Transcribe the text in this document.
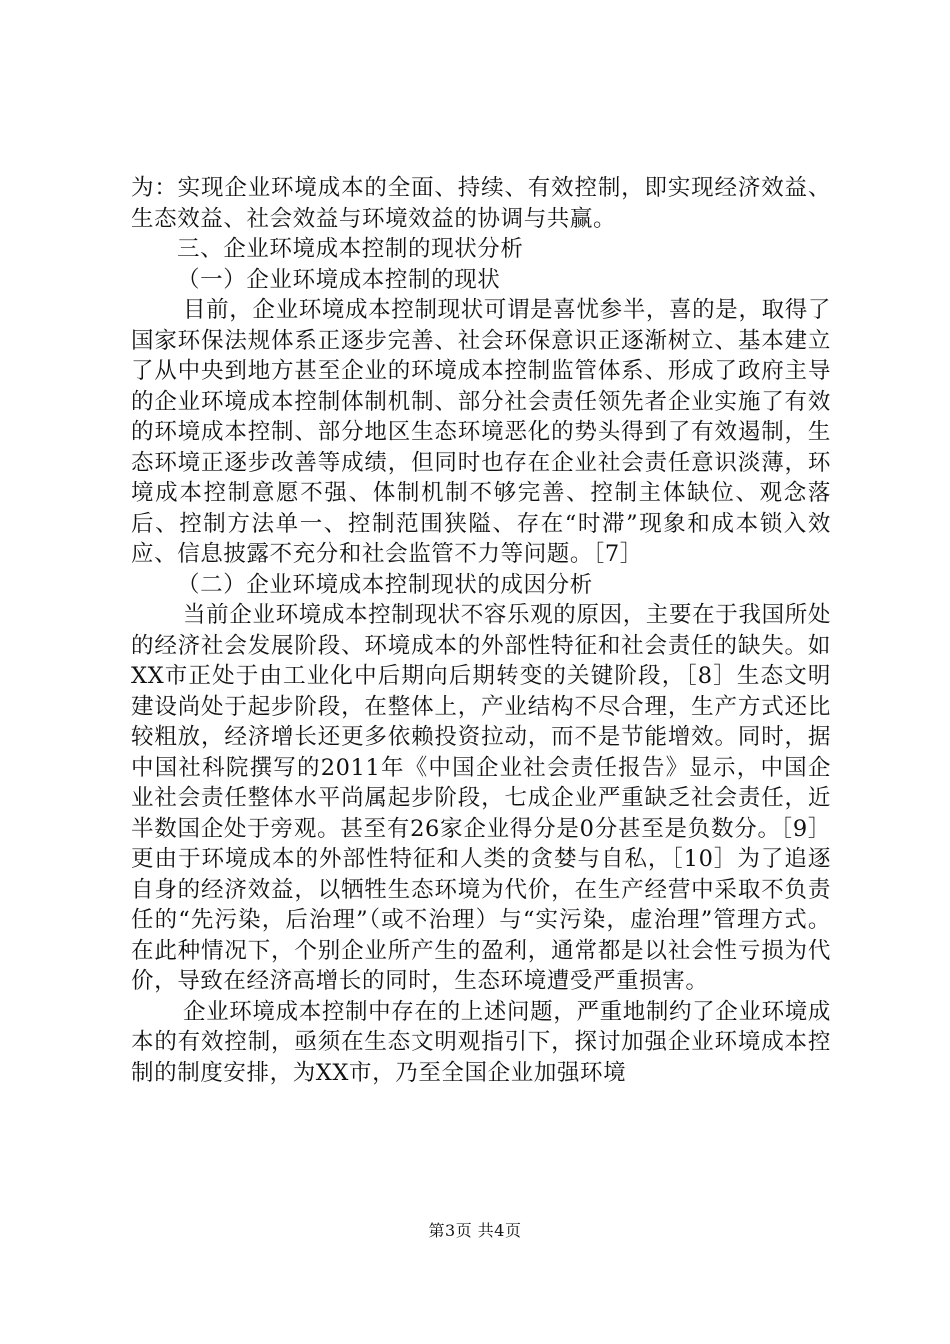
为：实现企业环境成本的全面、持续、有效控制，即实现经济效益、生态效益、社会效益与环境效益的协调与共赢。

三、企业环境成本控制的现状分析

（一）企业环境成本控制的现状

目前，企业环境成本控制现状可谓是喜忧参半，喜的是，取得了国家环保法规体系正逐步完善、社会环保意识正逐渐树立、基本建立了从中央到地方甚至企业的环境成本控制监管体系、形成了政府主导的企业环境成本控制体制机制、部分社会责任领先者企业实施了有效的环境成本控制、部分地区生态环境恶化的势头得到了有效遏制，生态环境正逐步改善等成绩，但同时也存在企业社会责任意识淡薄，环境成本控制意愿不强、体制机制不够完善、控制主体缺位、观念落后、控制方法单一、控制范围狭隘、存在“时滞”现象和成本锁入效应、信息披露不充分和社会监管不力等问题。［7］

（二）企业环境成本控制现状的成因分析

当前企业环境成本控制现状不容乐观的原因，主要在于我国所处的经济社会发展阶段、环境成本的外部性特征和社会责任的缺失。如XX市正处于由工业化中后期向后期转变的关键阶段，［8］生态文明建设尚处于起步阶段，在整体上，产业结构不尽合理，生产方式还比较粗放，经济增长还更多依赖投资拉动，而不是节能增效。同时，据中国社科院撰写的2011年《中国企业社会责任报告》显示，中国企业社会责任整体水平尚属起步阶段，七成企业严重缺乏社会责任，近半数国企处于旁观。甚至有26家企业得分是0分甚至是负数分。［9］更由于环境成本的外部性特征和人类的贪婪与自私，［10］为了追逐自身的经济效益，以牺牲生态环境为代价，在生产经营中采取不负责任的“先污染，后治理”（或不治理）与“实污染，虚治理”管理方式。在此种情况下，个别企业所产生的盈利，通常都是以社会性亏损为代价，导致在经济高增长的同时，生态环境遭受严重损害。

企业环境成本控制中存在的上述问题，严重地制约了企业环境成本的有效控制，亟须在生态文明观指引下，探讨加强企业环境成本控制的制度安排，为XX市，乃至全国企业加强环境

第3页 共4页
